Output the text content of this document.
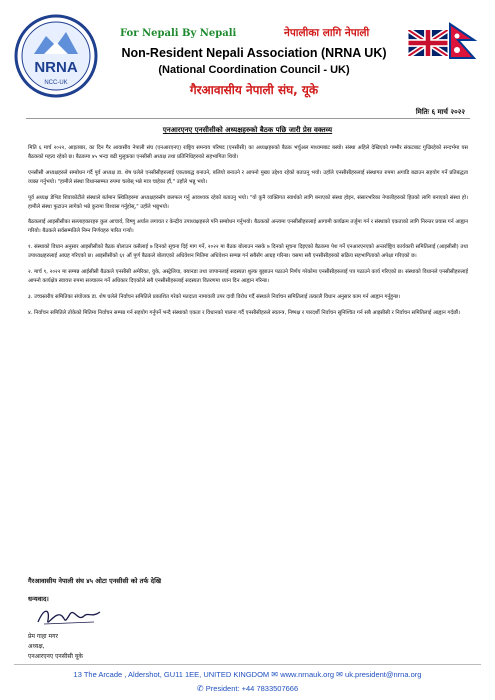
NRNA
NCC-UK
For Nepali By Nepali	नेपालीका लागि नेपाली
Non-Resident Nepali Association (NRNA UK)
(National Coordination Council - UK)
गैरआवासीय नेपाली संघ, यूके
मितिः ६ मार्च २०२२
एनआरएनए एनसीसीको अध्यक्षहरुको बैठक पछि जारी प्रेस वक्तव्य

मिति ६ मार्च २०२२, आइतबार, का दिन गैर आवासीय नेपाली संघ (एनआरएनए) राष्ट्रिय समन्वय परिषद (एनसीसी) का अध्यक्षहरुको बैठक भर्चुअल माध्यमबाट बस्यो। संस्था अहिले देखिएको गम्भीर संकटबाट गुज्रिरहेको सन्दर्भमा यस बैठकको महत्व रहेको छ। बैठकमा ४५ भन्दा बढी मुलुकका एनसीसी अध्यक्ष तथा प्रतिनिधिहरुको सहभागिता थियो।

एनसीसी अध्यक्षहरुले सम्बोधन गर्दै पूर्व अध्यक्ष डा. शेष घलेले एनसीसीहरुलाई एकताबद्ध बनाउने, बलियो बनाउने र आफ्नो मुख्य उद्देश्य रहेको बताउनु भयो। उहाँले एनसीसीहरुलाई संस्थागत रुपमा अगाडि बढाउन सहयोग गर्ने प्रतिबद्धता व्यक्त गर्नुभयो। "हामीले संस्था विधानसम्मत रुपमा चलोस् भन्ने मात्र चाहेका हौं," उहाँले भन्नु भयो।

पूर्व अध्यक्ष डेभिड शिवाकोटीले संस्थाले बर्तमान स्थितिहरुमा अध्यक्षहरुसँग छलफल गर्नु आवश्यक रहेको बताउनु भयो। "यो कुनै व्यक्तिगत स्वार्थको लागि बनाएको संस्था होइन, संसारभरिका नेपालीहरुको हितको लागि बनाएको संस्था हो। हामीले संस्था फुटाउन लागेको भन्ने कुरामा विश्वास गर्नुहोस्," उहाँले भन्नुभयो।

बैठकलाई आइसीसीका सल्लाहकारहरु कुल आचार्य, विष्णु अर्याल लगायत र केन्द्रीय उपाध्यक्षहरुले पनि सम्बोधन गर्नुभयो। बैठकको अन्त्यमा एनसीसीहरुलाई आगामी कार्यक्रम तर्जुमा गर्न र संस्थाको एकताको लागि निरन्तर प्रयास गर्न आह्वान गरियो। बैठकले सर्वसम्मतिले निम्न निर्णयहरु पारित गर्‍यो।

१. संस्थाको विधान अनुसार आइसीसीको बैठक बोलाउन कसैलाई ७ दिनको सूचना दिई माग गर्ने, २०२२ मा बैठक बोलाउन नसके ७ दिनको सूचना दिइएको बैठकमा पेश गर्ने एनआरएनएको अन्तर्राष्ट्रिय कार्यकारी समितिलाई (आइसीसी) तथा उपाध्यक्षहरुलाई आग्रह गरिएको छ। आइसीसीको ६१ औं पूर्ण बैठकले बोलाएको अधिवेशन मितिमा अधिवेशन सम्पन्न गर्न सबैसँग आग्रह गरिन्छ। यसमा सबै एनसीसीहरुको सक्रिय सहभागिताको अपेक्षा गरिएको छ।

२. मार्च ९, २०२२ मा सम्पन्न आईसीसी बैठकले एनसीसी अमेरिका, युके, अस्ट्रेलिया, क्यानडा तथा जापानलाई सदस्यता शुल्क बुझाउन पठाउने निर्णय गरेकोमा एनसीसीहरुलाई पत्र पठाउने कार्य गरिएको छ। संस्थाको विधानले एनसीसीहरुलाई आफ्नो कार्यक्षेत्र स्वायत्त रुपमा सञ्चालन गर्ने अधिकार दिएकोले सबै एनसीसीहरुलाई सदस्यता वितरणमा ध्यान दिन आह्वान गरिन्छ।

३. उच्चस्तरीय समितिका संयोजक डा. शेष घलेले निर्वाचन समितिले प्रकाशित गरेको मतदाता नामावली उपर दावी विरोध गर्दै संस्थाले निर्वाचन समितिलाई तत्कालै विधान अनुसार काम गर्न आह्वान गर्नुहुन्छ।

४. निर्वाचन समितिले तोकेको मितिमा निर्वाचन सम्पन्न गर्न सहयोग गर्नुपर्ने भन्दै संस्थाको एकता र विधानको पालना गर्दै एनसीसीहरुले स्वतन्त्र, निष्पक्ष र पारदर्शी निर्वाचन सुनिश्चित गर्न सबै आइसीसी र निर्वाचन समितिलाई आह्वान गर्दछौं।

गैरआवासीय नेपाली संघ ४५ ओटा एनसीसी को तर्फ देखि
धन्यवाद।
प्रेम गाहा मगर
अध्यक्ष,
एनआरएनए एनसीसी यूके
13 The Arcade , Aldershot, GU11 1EE, UNITED KINGDOM ✉ www.nrnauk.org ✉ uk.president@nrna.org
✆ President: +44 7833507666
